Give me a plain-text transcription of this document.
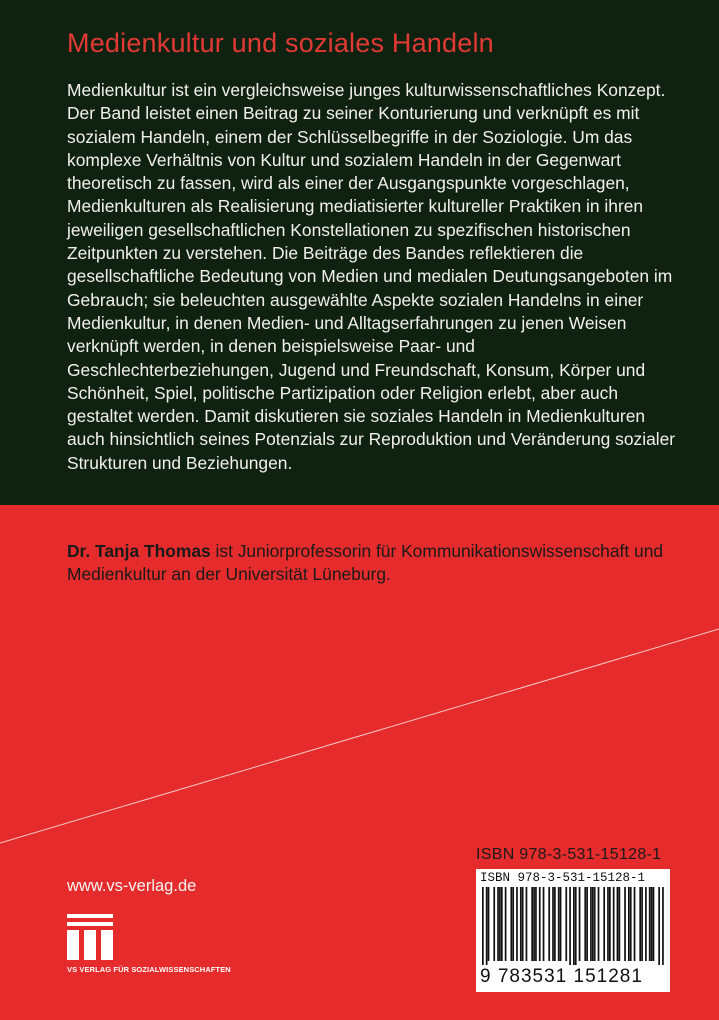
Medienkultur und soziales Handeln

Medienkultur ist ein vergleichsweise junges kulturwissenschaftliches Konzept. Der Band leistet einen Beitrag zu seiner Konturierung und verknüpft es mit sozialem Handeln, einem der Schlüsselbegriffe in der Soziologie. Um das komplexe Verhältnis von Kultur und sozialem Handeln in der Gegenwart theoretisch zu fassen, wird als einer der Ausgangspunkte vorgeschlagen, Medienkulturen als Realisierung mediatisierter kultureller Praktiken in ihren jeweiligen gesellschaftlichen Konstellationen zu spezifischen historischen Zeitpunkten zu verstehen. Die Beiträge des Bandes reflektieren die gesellschaftliche Bedeutung von Medien und medialen Deutungsangeboten im Gebrauch; sie beleuchten ausgewählte Aspekte sozialen Handelns in einer Medienkultur, in denen Medien- und Alltagserfahrungen zu jenen Weisen verknüpft werden, in denen beispielsweise Paar- und Geschlechterbeziehungen, Jugend und Freundschaft, Konsum, Körper und Schönheit, Spiel, politische Partizipation oder Religion erlebt, aber auch gestaltet werden. Damit diskutieren sie soziales Handeln in Medienkulturen auch hinsichtlich seines Potenzials zur Reproduktion und Veränderung sozialer Strukturen und Beziehungen.

Dr. Tanja Thomas ist Juniorprofessorin für Kommunikationswissenschaft und Medienkultur an der Universität Lüneburg.

ISBN 978-3-531-15128-1
ISBN 978-3-531-15128-1
9 783531 151281
www.vs-verlag.de
VS VERLAG FÜR SOZIALWISSENSCHAFTEN
